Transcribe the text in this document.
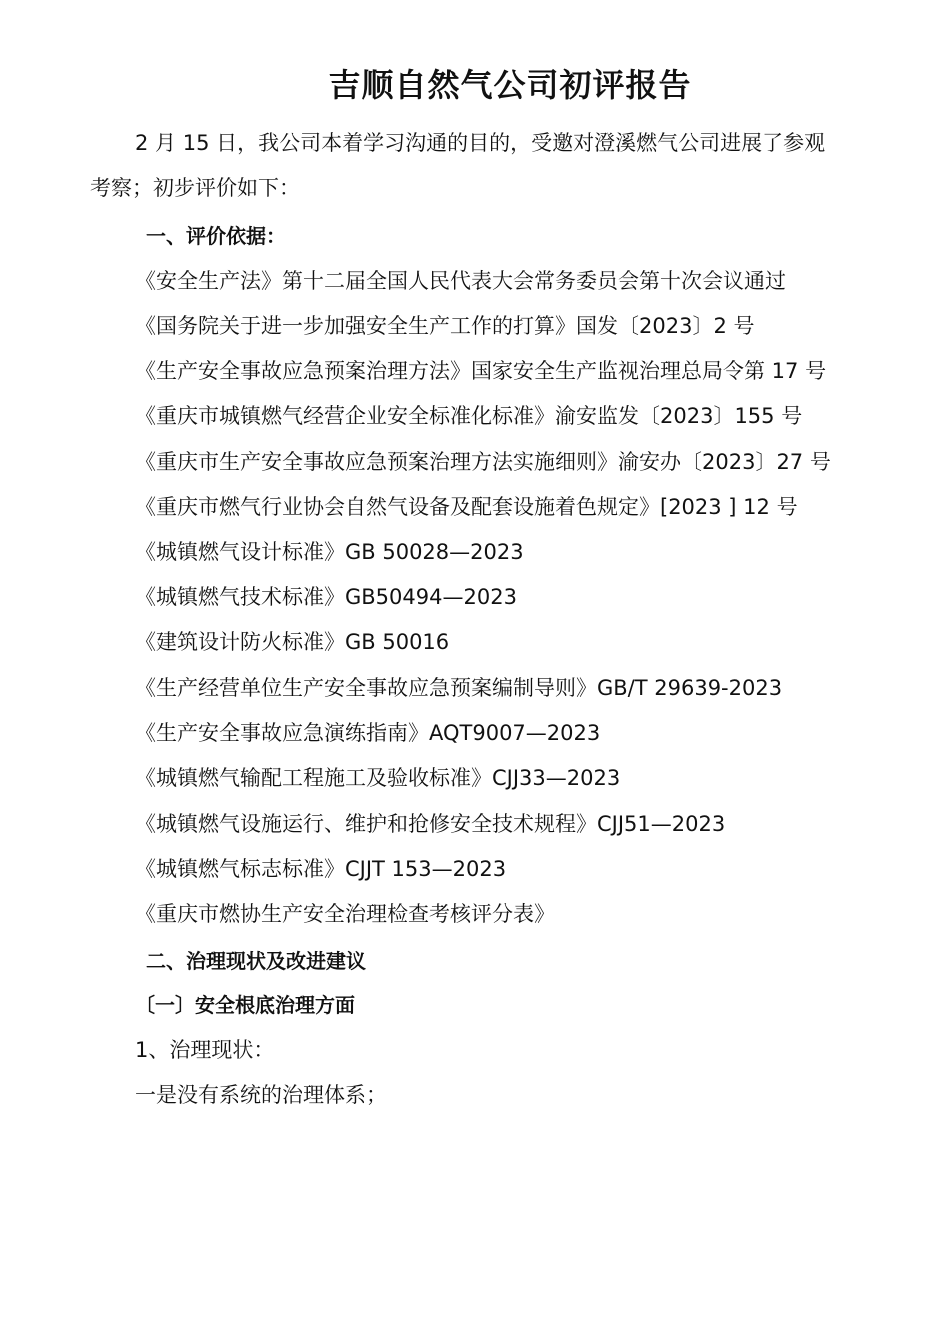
吉顺自然气公司初评报告
2 月 15 日，我公司本着学习沟通的目的，受邀对澄溪燃气公司进展了参观
考察；初步评价如下：
一、评价依据：
《安全生产法》第十二届全国人民代表大会常务委员会第十次会议通过
《国务院关于进一步加强安全生产工作的打算》国发〔2023〕2 号
《生产安全事故应急预案治理方法》国家安全生产监视治理总局令第 17 号
《重庆市城镇燃气经营企业安全标准化标准》渝安监发〔2023〕155 号
《重庆市生产安全事故应急预案治理方法实施细则》渝安办〔2023〕27 号
《重庆市燃气行业协会自然气设备及配套设施着色规定》[2023 ] 12 号
《城镇燃气设计标准》GB 50028—2023
《城镇燃气技术标准》GB50494—2023
《建筑设计防火标准》GB 50016
《生产经营单位生产安全事故应急预案编制导则》GB/T 29639-2023
《生产安全事故应急演练指南》AQT9007—2023
《城镇燃气输配工程施工及验收标准》CJJ33—2023
《城镇燃气设施运行、维护和抢修安全技术规程》CJJ51—2023
《城镇燃气标志标准》CJJT 153—2023
《重庆市燃协生产安全治理检查考核评分表》
二、治理现状及改进建议
〔一〕安全根底治理方面
1、治理现状：
一是没有系统的治理体系；
